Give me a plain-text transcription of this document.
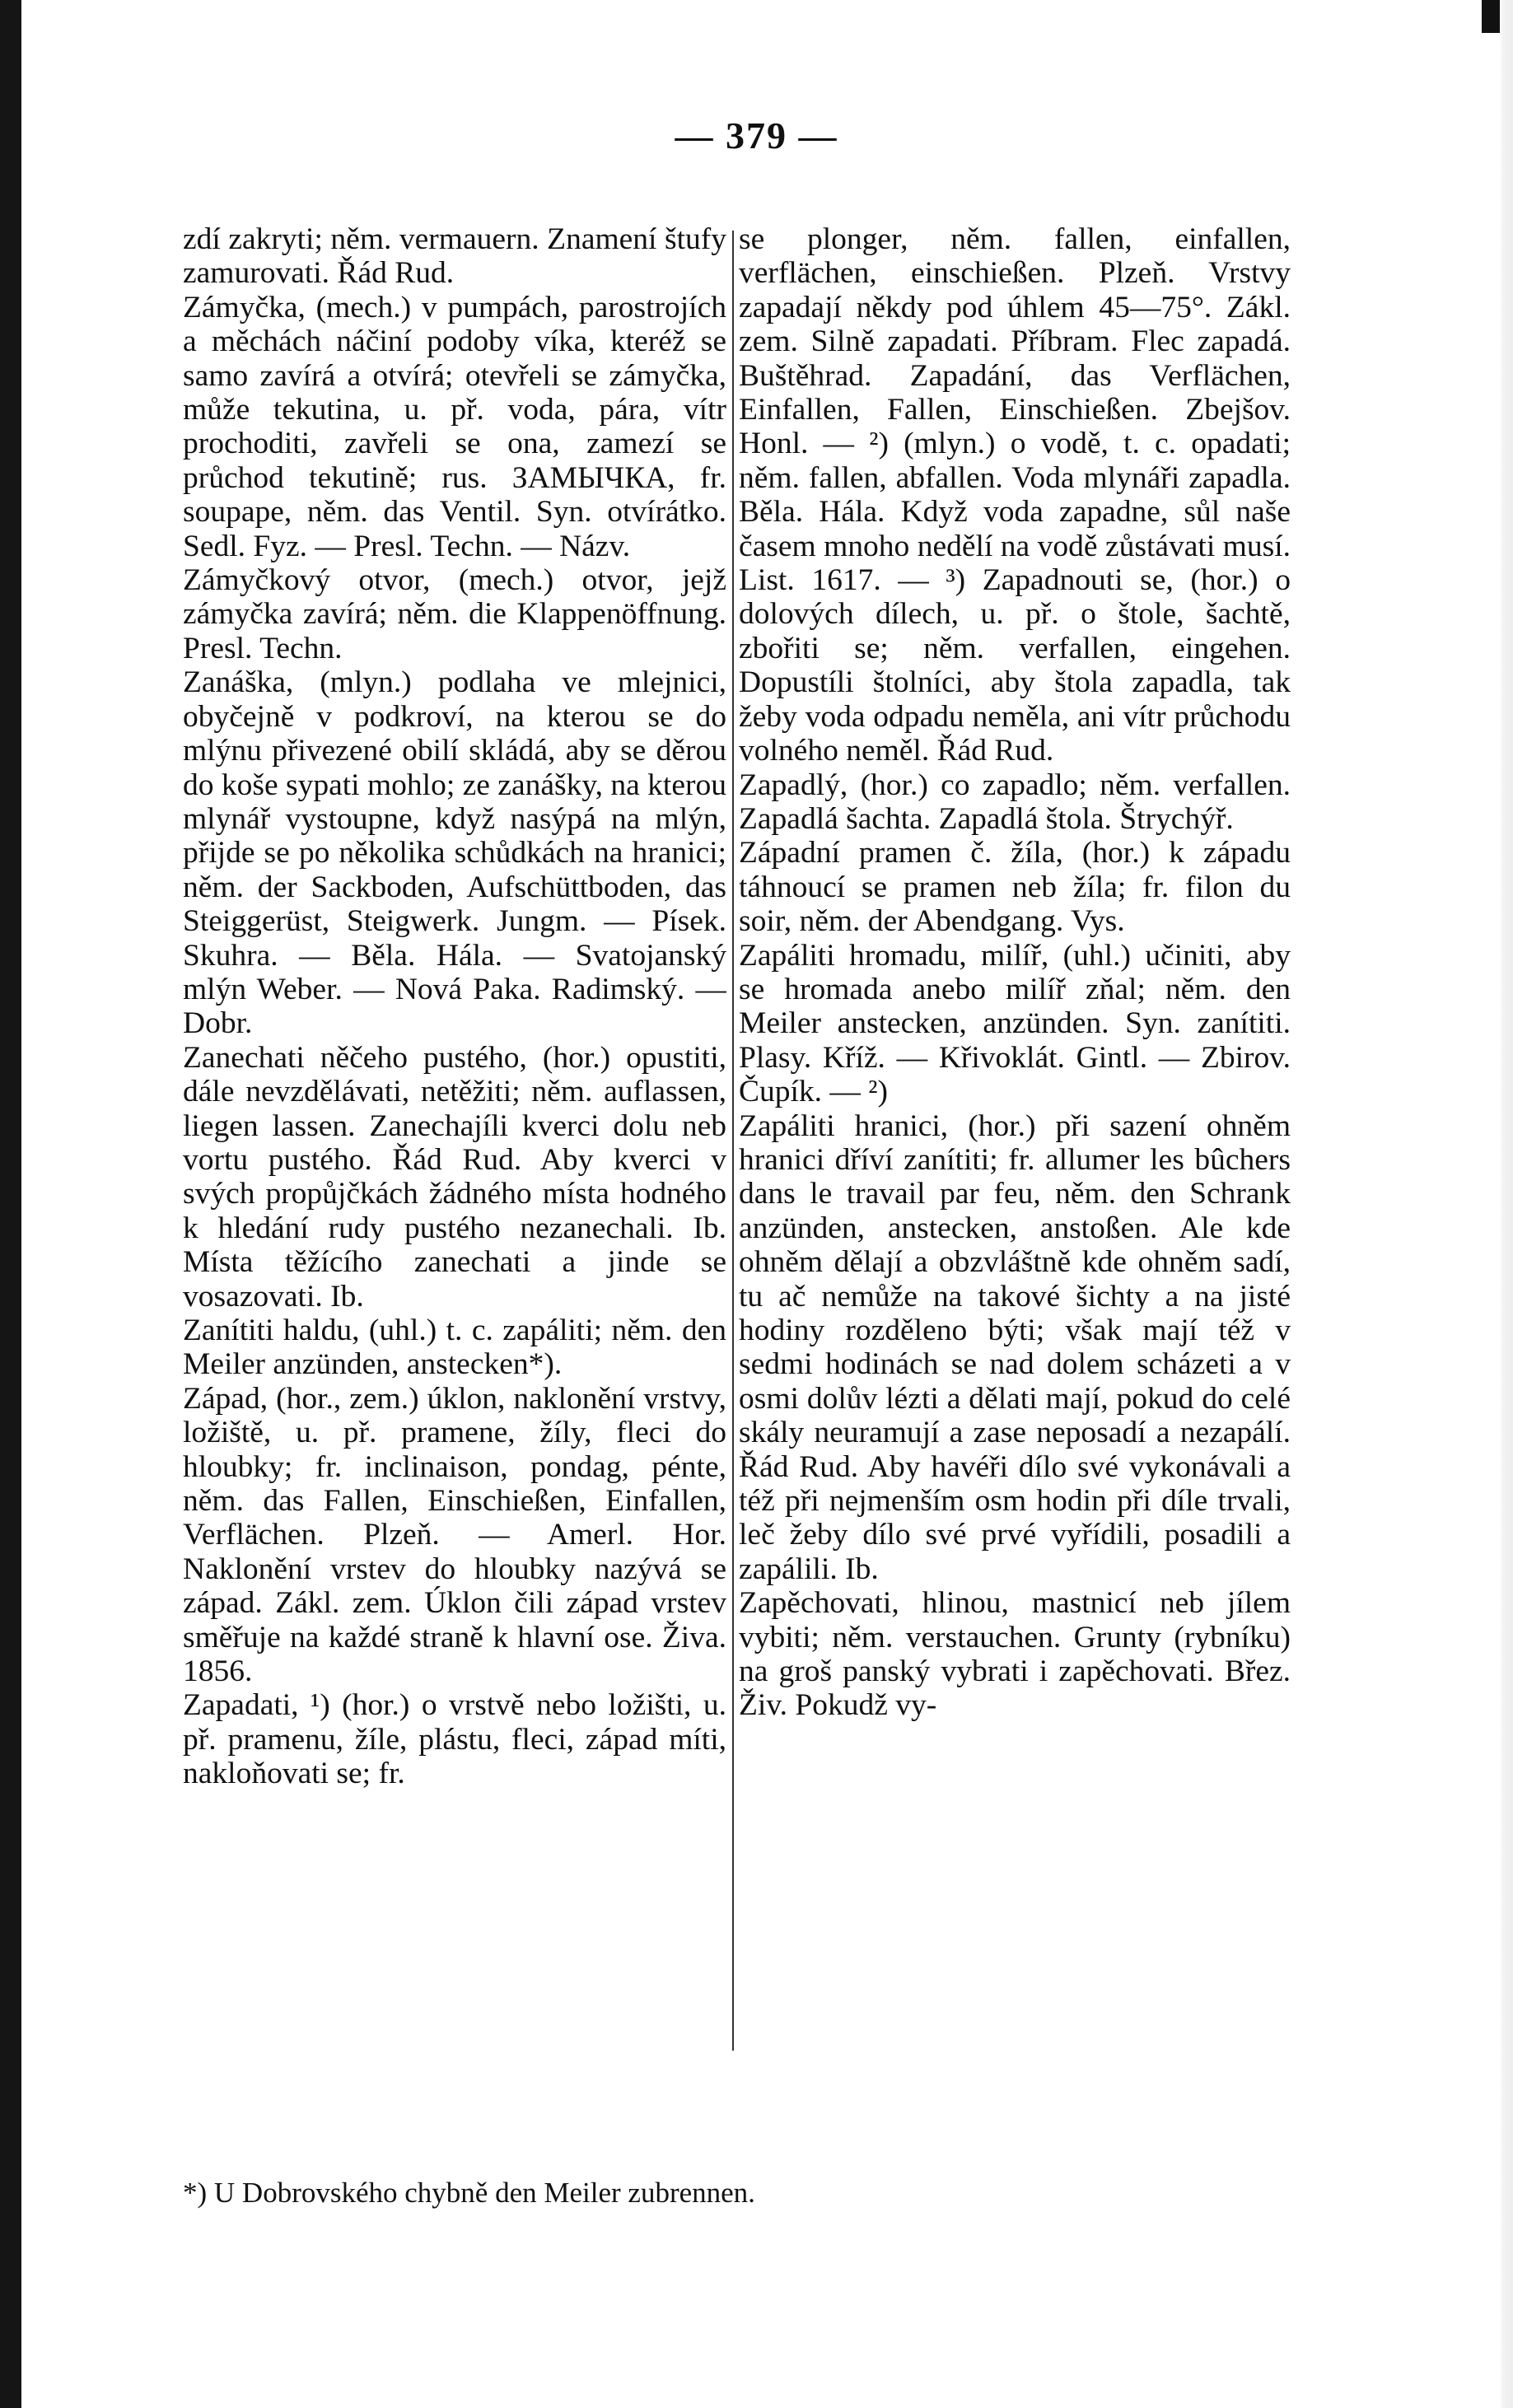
— 379 —

zdí zakryti; něm. vermauern. Znamení štufy zamurovati. Řád Rud.

Zámyčka, (mech.) v pumpách, parostrojích a měchách náčiní podoby víka, kteréž se samo zavírá a otvírá; otevřeli se zámyčka, může tekutina, u. př. voda, pára, vítr prochoditi, zavřeli se ona, zamezí se průchod tekutině; rus. ЗАМЫЧКА, fr. soupape, něm. das Ventil. Syn. otvírátko. Sedl. Fyz. — Presl. Techn. — Názv.

Zámyčkový otvor, (mech.) otvor, jejž zámyčka zavírá; něm. die Klappenöffnung. Presl. Techn.

Zanáška, (mlyn.) podlaha ve mlejnici, obyčejně v podkroví, na kterou se do mlýnu přivezené obilí skládá, aby se děrou do koše sypati mohlo; ze zanášky, na kterou mlynář vystoupne, když nasýpá na mlýn, přijde se po několika schůdkách na hranici; něm. der Sackboden, Aufschüttboden, das Steiggerüst, Steigwerk. Jungm. — Písek. Skuhra. — Běla. Hála. — Svatojanský mlýn Weber. — Nová Paka. Radimský. — Dobr.

Zanechati něčeho pustého, (hor.) opustiti, dále nevzdělávati, netěžiti; něm. auflassen, liegen lassen. Zanechajíli kverci dolu neb vortu pustého. Řád Rud. Aby kverci v svých propůjčkách žádného místa hodného k hledání rudy pustého nezanechali. Ib. Místa těžícího zanechati a jinde se vosazovati. Ib.

Zanítiti haldu, (uhl.) t. c. zapáliti; něm. den Meiler anzünden, anstecken*).

Západ, (hor., zem.) úklon, naklonění vrstvy, ložiště, u. př. pramene, žíly, fleci do hloubky; fr. inclinaison, pondag, pénte, něm. das Fallen, Einschießen, Einfallen, Verflächen. Plzeň. — Amerl. Hor. Naklonění vrstev do hloubky nazývá se západ. Zákl. zem. Úklon čili západ vrstev směřuje na každé straně k hlavní ose. Živa. 1856.

Zapadati, ¹) (hor.) o vrstvě nebo ložišti, u. př. pramenu, žíle, plástu, fleci, západ míti, nakloňovati se; fr.

se plonger, něm. fallen, einfallen, verflächen, einschießen. Plzeň. Vrstvy zapadají někdy pod úhlem 45—75°. Zákl. zem. Silně zapadati. Příbram. Flec zapadá. Buštěhrad. Zapadání, das Verflächen, Einfallen, Fallen, Einschießen. Zbejšov. Honl. — ²) (mlyn.) o vodě, t. c. opadati; něm. fallen, abfallen. Voda mlynáři zapadla. Běla. Hála. Když voda zapadne, sůl naše časem mnoho nedělí na vodě zůstávati musí. List. 1617. — ³) Zapadnouti se, (hor.) o dolových dílech, u. př. o štole, šachtě, zbořiti se; něm. verfallen, eingehen. Dopustíli štolníci, aby štola zapadla, tak žeby voda odpadu neměla, ani vítr průchodu volného neměl. Řád Rud.

Zapadlý, (hor.) co zapadlo; něm. verfallen. Zapadlá šachta. Zapadlá štola. Štrychýř.

Západní pramen č. žíla, (hor.) k západu táhnoucí se pramen neb žíla; fr. filon du soir, něm. der Abendgang. Vys.

Zapáliti hromadu, milíř, (uhl.) učiniti, aby se hromada anebo milíř zňal; něm. den Meiler anstecken, anzünden. Syn. zanítiti. Plasy. Kříž. — Křivoklát. Gintl. — Zbirov. Čupík. — ²)

Zapáliti hranici, (hor.) při sazení ohněm hranici dříví zanítiti; fr. allumer les bûchers dans le travail par feu, něm. den Schrank anzünden, anstecken, anstoßen. Ale kde ohněm dělají a obzvláštně kde ohněm sadí, tu ač nemůže na takové šichty a na jisté hodiny rozděleno býti; však mají též v sedmi hodinách se nad dolem scházeti a v osmi dolův lézti a dělati mají, pokud do celé skály neuramují a zase neposadí a nezapálí. Řád Rud. Aby havéři dílo své vykonávali a též při nejmenším osm hodin při díle trvali, leč žeby dílo své prvé vyřídili, posadili a zapálili. Ib.

Zapěchovati, hlinou, mastnicí neb jílem vybiti; něm. verstauchen. Grunty (rybníku) na groš panský vybrati i zapěchovati. Břez. Živ. Pokudž vy-

*) U Dobrovského chybně den Meiler zubrennen.
